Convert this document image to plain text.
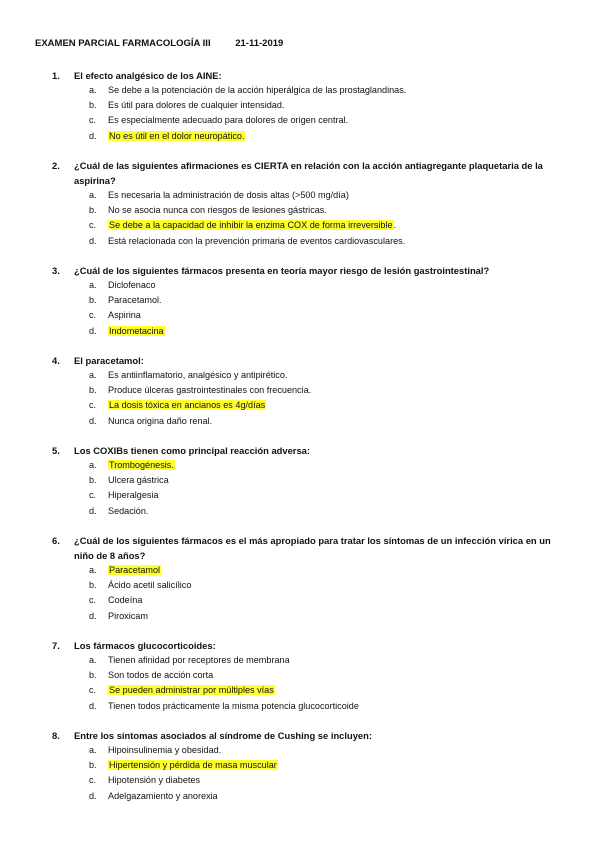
EXAMEN PARCIAL FARMACOLOGÍA III	21-11-2019
1. El efecto analgésico de los AINE:
a. Se debe a la potenciación de la acción hiperálgica de las prostaglandinas.
b. Es útil para dolores de cualquier intensidad.
c. Es especialmente adecuado para dolores de origen central.
d. No es útil en el dolor neuropático.
2. ¿Cuál de las siguientes afirmaciones es CIERTA en relación con la acción antiagregante plaquetaria de la aspirina?
a. Es necesaria la administración de dosis altas (>500 mg/día)
b. No se asocia nunca con riesgos de lesiones gástricas.
c. Se debe a la capacidad de inhibir la enzima COX de forma irreversible.
d. Está relacionada con la prevención primaria de eventos cardiovasculares.
3. ¿Cuál de los siguientes fármacos presenta en teoría mayor riesgo de lesión gastrointestinal?
a. Diclofenaco
b. Paracetamol.
c. Aspirina
d. Indometacina
4. El paracetamol:
a. Es antiinflamatorio, analgésico y antipirético.
b. Produce úlceras gastrointestinales con frecuencia.
c. La dosis tóxica en ancianos es 4g/días
d. Nunca origina daño renal.
5. Los COXIBs tienen como principal reacción adversa:
a. Trombogénesis.
b. Ulcera gástrica
c. Hiperalgesia
d. Sedación.
6. ¿Cuál de los siguientes fármacos es el más apropiado para tratar los síntomas de un infección vírica en un niño de 8 años?
a. Paracetamol
b. Ácido acetil salicílico
c. Codeína
d. Piroxicam
7. Los fármacos glucocorticoides:
a. Tienen afinidad por receptores de membrana
b. Son todos de acción corta
c. Se pueden administrar por múltiples vías
d. Tienen todos prácticamente la misma potencia glucocorticoide
8. Entre los síntomas asociados al síndrome de Cushing se incluyen:
a. Hipoinsulinemia y obesidad.
b. Hipertensión y pérdida de masa muscular
c. Hipotensión y diabetes
d. Adelgazamiento y anorexia
